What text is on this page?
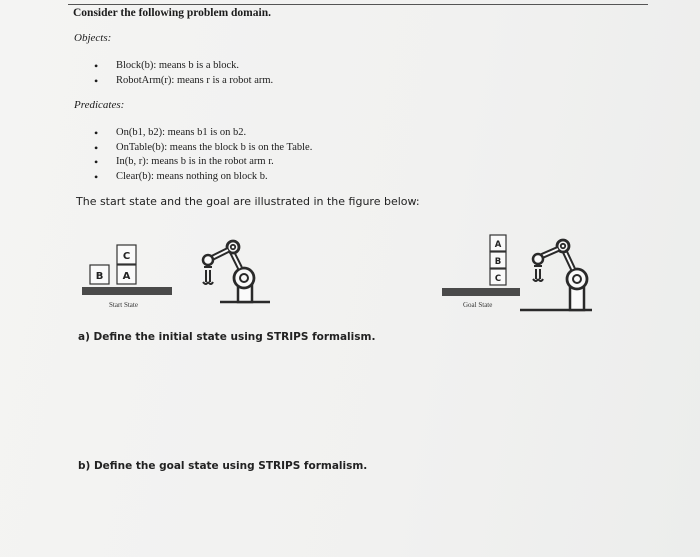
Consider the following problem domain.
Objects:
• Block(b): means b is a block.
• RobotArm(r): means r is a robot arm.
Predicates:
• On(b1, b2): means b1 is on b2.
• OnTable(b): means the block b is on the Table.
• In(b, r): means b is in the robot arm r.
• Clear(b): means nothing on block b.
The start state and the goal are illustrated in the figure below:
B A
C
Start State
A
B
C
Goal State
a) Define the initial state using STRIPS formalism.
b) Define the goal state using STRIPS formalism.
